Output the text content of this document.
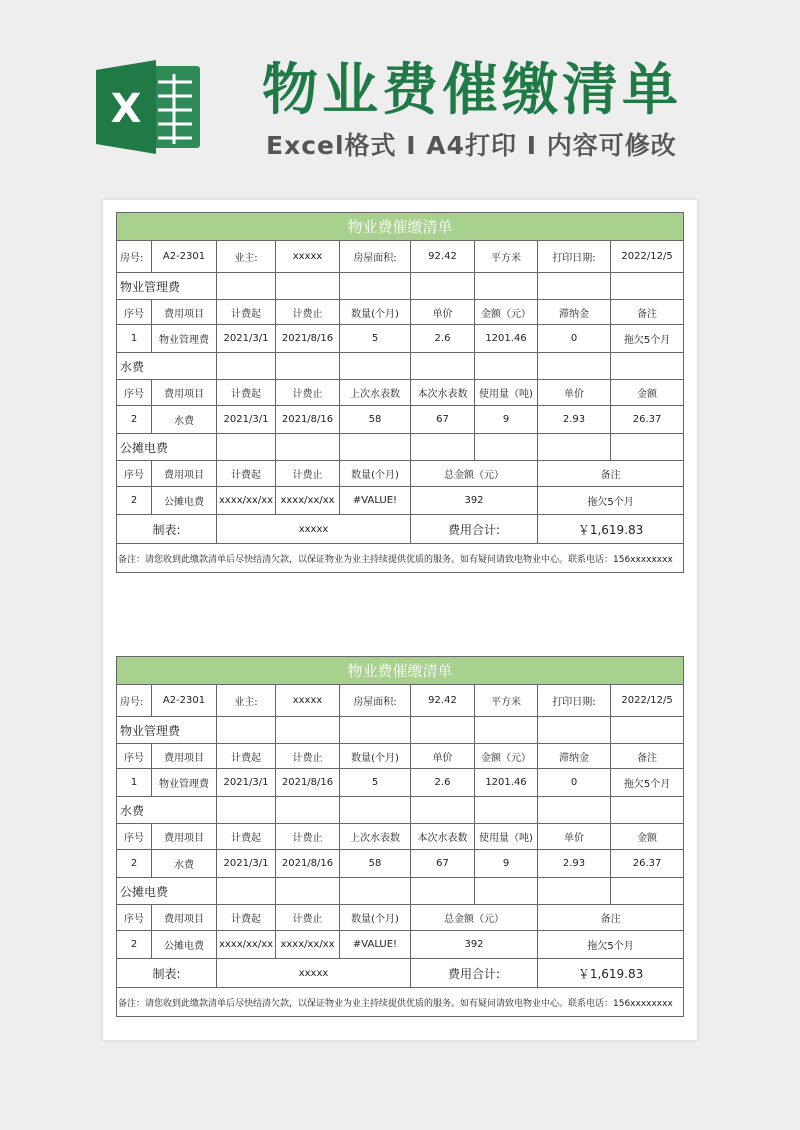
X 物业费催缴清单
Excel格式 I A4打印 I 内容可修改
物业费催缴清单								
房号:	A2-2301	业主:	xxxxx	房屋面积:	92.42	平方米	打印日期:	2022/12/5
物业管理费								
序号	费用项目	计费起	计费止	数量(个月)	单价	金额（元）	滞纳金	备注
1	物业管理费	2021/3/1	2021/8/16	5	2.6	1201.46	0	拖欠5个月
水费								
序号	费用项目	计费起	计费止	上次水表数	本次水表数	使用量（吨)	单价	金额
2	水费	2021/3/1	2021/8/16	58	67	9	2.93	26.37
公摊电费								
序号	费用项目	计费起	计费止	数量(个月)	总金额（元）		备注	
2	公摊电费	xxxx/xx/xx	xxxx/xx/xx	#VALUE!	392		拖欠5个月	
制表:		xxxxx			费用合计:		￥1,619.83	
备注：请您收到此缴款清单后尽快结清欠款，以保证物业为业主持续提供优质的服务。如有疑问请致电物业中心。联系电话：156xxxxxxxx								
物业费催缴清单								
房号:	A2-2301	业主:	xxxxx	房屋面积:	92.42	平方米	打印日期:	2022/12/5
物业管理费								
序号	费用项目	计费起	计费止	数量(个月)	单价	金额（元）	滞纳金	备注
1	物业管理费	2021/3/1	2021/8/16	5	2.6	1201.46	0	拖欠5个月
水费								
序号	费用项目	计费起	计费止	上次水表数	本次水表数	使用量（吨)	单价	金额
2	水费	2021/3/1	2021/8/16	58	67	9	2.93	26.37
公摊电费								
序号	费用项目	计费起	计费止	数量(个月)	总金额（元）		备注	
2	公摊电费	xxxx/xx/xx	xxxx/xx/xx	#VALUE!	392		拖欠5个月	
制表:		xxxxx			费用合计:		￥1,619.83	
备注：请您收到此缴款清单后尽快结清欠款，以保证物业为业主持续提供优质的服务。如有疑问请致电物业中心。联系电话：156xxxxxxxx								
